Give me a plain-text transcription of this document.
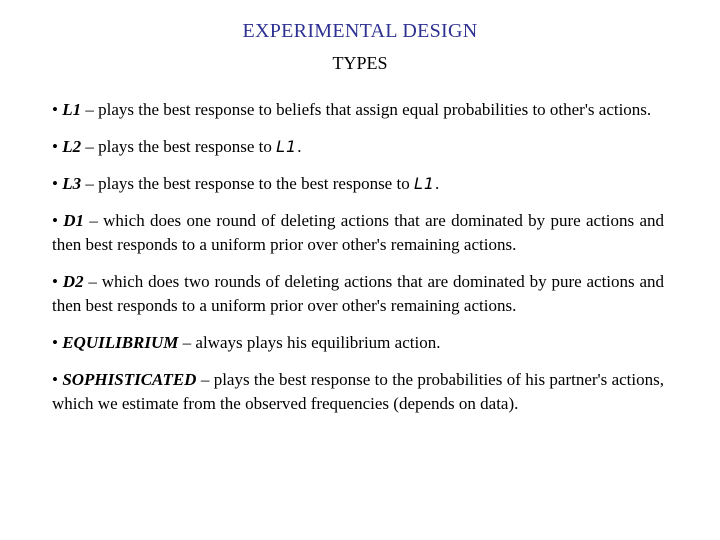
EXPERIMENTAL DESIGN
TYPES

• L1 – plays the best response to beliefs that assign equal probabilities to other's actions.

• L2 – plays the best response to L1.

• L3 – plays the best response to the best response to L1.

• D1 – which does one round of deleting actions that are dominated by pure actions and then best responds to a uniform prior over other's remaining actions.

• D2 – which does two rounds of deleting actions that are dominated by pure actions and then best responds to a uniform prior over other's remaining actions.

• EQUILIBRIUM – always plays his equilibrium action.

• SOPHISTICATED – plays the best response to the probabilities of his partner's actions, which we estimate from the observed frequencies (depends on data).
